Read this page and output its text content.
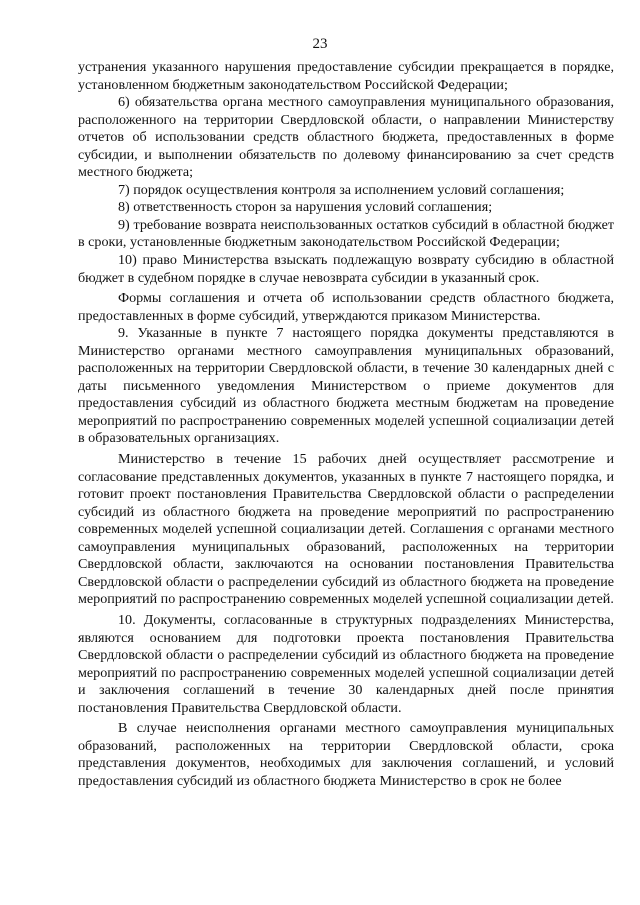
23

устранения указанного нарушения предоставление субсидии прекращается в порядке, установленном бюджетным законодательством Российской Федерации;

6) обязательства органа местного самоуправления муниципального образования, расположенного на территории Свердловской области, о направлении Министерству отчетов об использовании средств областного бюджета, предоставленных в форме субсидии, и выполнении обязательств по долевому финансированию за счет средств местного бюджета;

7) порядок осуществления контроля за исполнением условий соглашения;

8) ответственность сторон за нарушения условий соглашения;

9) требование возврата неиспользованных остатков субсидий в областной бюджет в сроки, установленные бюджетным законодательством Российской Федерации;

10) право Министерства взыскать подлежащую возврату субсидию в областной бюджет в судебном порядке в случае невозврата субсидии в указанный срок.

Формы соглашения и отчета об использовании средств областного бюджета, предоставленных в форме субсидий, утверждаются приказом Министерства.

9. Указанные в пункте 7 настоящего порядка документы представляются в Министерство органами местного самоуправления муниципальных образований, расположенных на территории Свердловской области, в течение 30 календарных дней с даты письменного уведомления Министерством о приеме документов для предоставления субсидий из областного бюджета местным бюджетам на проведение мероприятий по распространению современных моделей успешной социализации детей в образовательных организациях.

Министерство в течение 15 рабочих дней осуществляет рассмотрение и согласование представленных документов, указанных в пункте 7 настоящего порядка, и готовит проект постановления Правительства Свердловской области о распределении субсидий из областного бюджета на проведение мероприятий по распространению современных моделей успешной социализации детей. Соглашения с органами местного самоуправления муниципальных образований, расположенных на территории Свердловской области, заключаются на основании постановления Правительства Свердловской области о распределении субсидий из областного бюджета на проведение мероприятий по распространению современных моделей успешной социализации детей.

10. Документы, согласованные в структурных подразделениях Министерства, являются основанием для подготовки проекта постановления Правительства Свердловской области о распределении субсидий из областного бюджета на проведение мероприятий по распространению современных моделей успешной социализации детей и заключения соглашений в течение 30 календарных дней после принятия постановления Правительства Свердловской области.

В случае неисполнения органами местного самоуправления муниципальных образований, расположенных на территории Свердловской области, срока представления документов, необходимых для заключения соглашений, и условий предоставления субсидий из областного бюджета Министерство в срок не более
